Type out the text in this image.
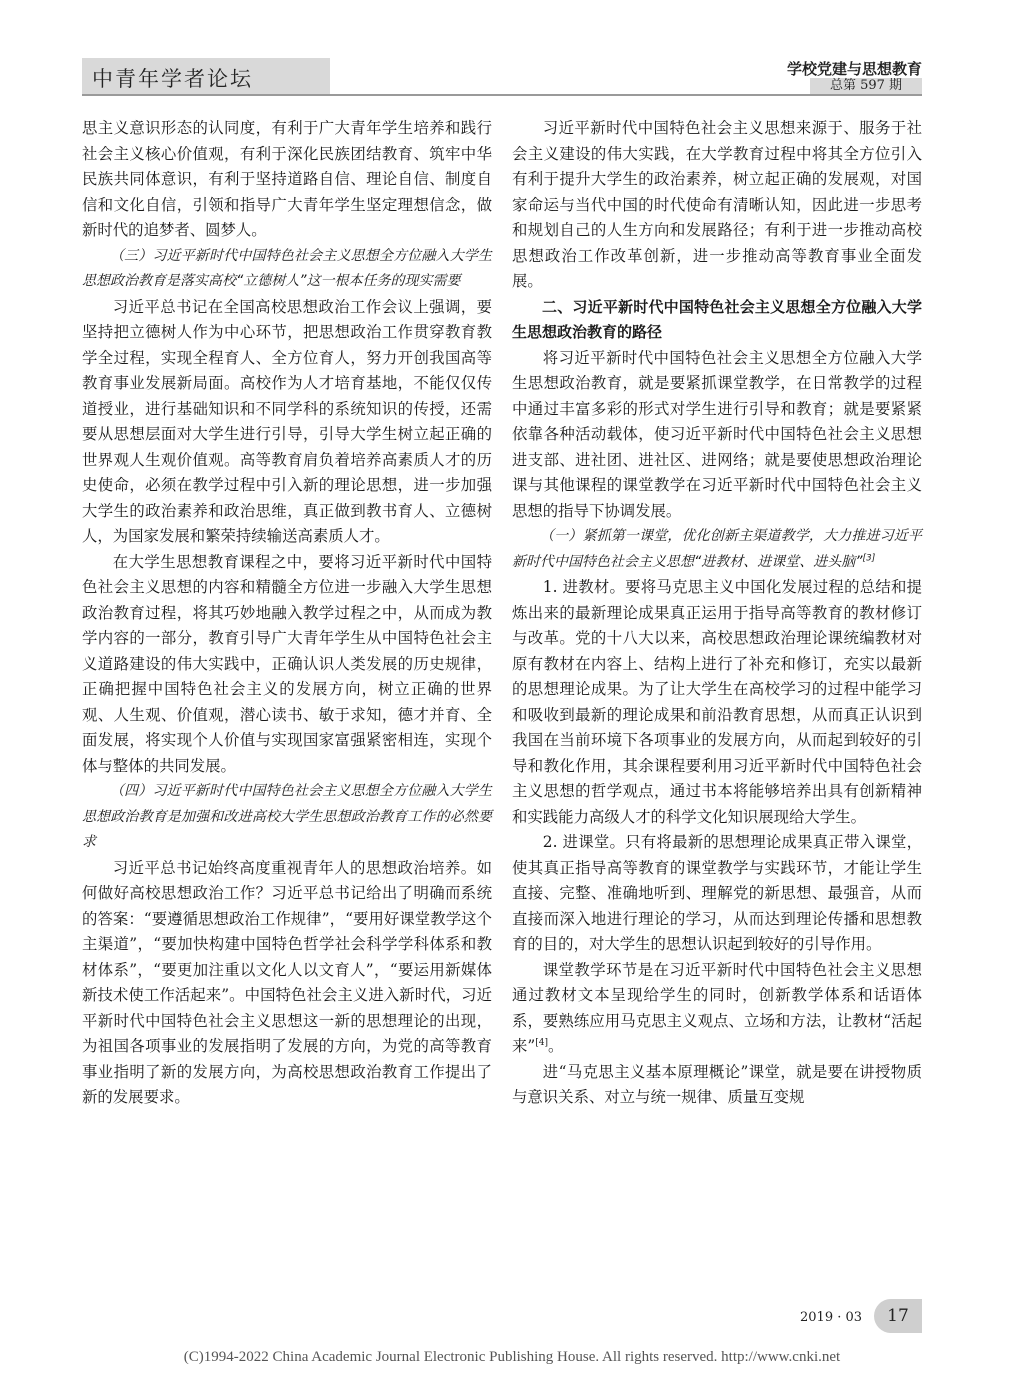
中青年学者论坛	学校党建与思想教育
总第 597 期

思主义意识形态的认同度，有利于广大青年学生培养和践行社会主义核心价值观，有利于深化民族团结教育、筑牢中华民族共同体意识，有利于坚持道路自信、理论自信、制度自信和文化自信，引领和指导广大青年学生坚定理想信念，做新时代的追梦者、圆梦人。

（三）习近平新时代中国特色社会主义思想全方位融入大学生思想政治教育是落实高校“立德树人”这一根本任务的现实需要

习近平总书记在全国高校思想政治工作会议上强调，要坚持把立德树人作为中心环节，把思想政治工作贯穿教育教学全过程，实现全程育人、全方位育人，努力开创我国高等教育事业发展新局面。高校作为人才培育基地，不能仅仅传道授业，进行基础知识和不同学科的系统知识的传授，还需要从思想层面对大学生进行引导，引导大学生树立起正确的世界观人生观价值观。高等教育肩负着培养高素质人才的历史使命，必须在教学过程中引入新的理论思想，进一步加强大学生的政治素养和政治思维，真正做到教书育人、立德树人，为国家发展和繁荣持续输送高素质人才。

在大学生思想教育课程之中，要将习近平新时代中国特色社会主义思想的内容和精髓全方位进一步融入大学生思想政治教育过程，将其巧妙地融入教学过程之中，从而成为教学内容的一部分，教育引导广大青年学生从中国特色社会主义道路建设的伟大实践中，正确认识人类发展的历史规律，正确把握中国特色社会主义的发展方向，树立正确的世界观、人生观、价值观，潜心读书、敏于求知，德才并育、全面发展，将实现个人价值与实现国家富强紧密相连，实现个体与整体的共同发展。

（四）习近平新时代中国特色社会主义思想全方位融入大学生思想政治教育是加强和改进高校大学生思想政治教育工作的必然要求

习近平总书记始终高度重视青年人的思想政治培养。如何做好高校思想政治工作？习近平总书记给出了明确而系统的答案：“要遵循思想政治工作规律”，“要用好课堂教学这个主渠道”，“要加快构建中国特色哲学社会科学学科体系和教材体系”，“要更加注重以文化人以文育人”，“要运用新媒体新技术使工作活起来”。中国特色社会主义进入新时代，习近平新时代中国特色社会主义思想这一新的思想理论的出现，为祖国各项事业的发展指明了发展的方向，为党的高等教育事业指明了新的发展方向，为高校思想政治教育工作提出了新的发展要求。

习近平新时代中国特色社会主义思想来源于、服务于社会主义建设的伟大实践，在大学教育过程中将其全方位引入有利于提升大学生的政治素养，树立起正确的发展观，对国家命运与当代中国的时代使命有清晰认知，因此进一步思考和规划自己的人生方向和发展路径；有利于进一步推动高校思想政治工作改革创新，进一步推动高等教育事业全面发展。

二、习近平新时代中国特色社会主义思想全方位融入大学生思想政治教育的路径

将习近平新时代中国特色社会主义思想全方位融入大学生思想政治教育，就是要紧抓课堂教学，在日常教学的过程中通过丰富多彩的形式对学生进行引导和教育；就是要紧紧依靠各种活动载体，使习近平新时代中国特色社会主义思想进支部、进社团、进社区、进网络；就是要使思想政治理论课与其他课程的课堂教学在习近平新时代中国特色社会主义思想的指导下协调发展。

（一）紧抓第一课堂，优化创新主渠道教学，大力推进习近平新时代中国特色社会主义思想“进教材、进课堂、进头脑”[3]

1. 进教材。要将马克思主义中国化发展过程的总结和提炼出来的最新理论成果真正运用于指导高等教育的教材修订与改革。党的十八大以来，高校思想政治理论课统编教材对原有教材在内容上、结构上进行了补充和修订，充实以最新的思想理论成果。为了让大学生在高校学习的过程中能学习和吸收到最新的理论成果和前沿教育思想，从而真正认识到我国在当前环境下各项事业的发展方向，从而起到较好的引导和教化作用，其余课程要利用习近平新时代中国特色社会主义思想的哲学观点，通过书本将能够培养出具有创新精神和实践能力高级人才的科学文化知识展现给大学生。

2. 进课堂。只有将最新的思想理论成果真正带入课堂，使其真正指导高等教育的课堂教学与实践环节，才能让学生直接、完整、准确地听到、理解党的新思想、最强音，从而直接而深入地进行理论的学习，从而达到理论传播和思想教育的目的，对大学生的思想认识起到较好的引导作用。

课堂教学环节是在习近平新时代中国特色社会主义思想通过教材文本呈现给学生的同时，创新教学体系和话语体系，要熟练应用马克思主义观点、立场和方法，让教材“活起来”[4]。

进“马克思主义基本原理概论”课堂，就是要在讲授物质与意识关系、对立与统一规律、质量互变规

2019 · 03	17
(C)1994-2022 China Academic Journal Electronic Publishing House. All rights reserved. http://www.cnki.net
